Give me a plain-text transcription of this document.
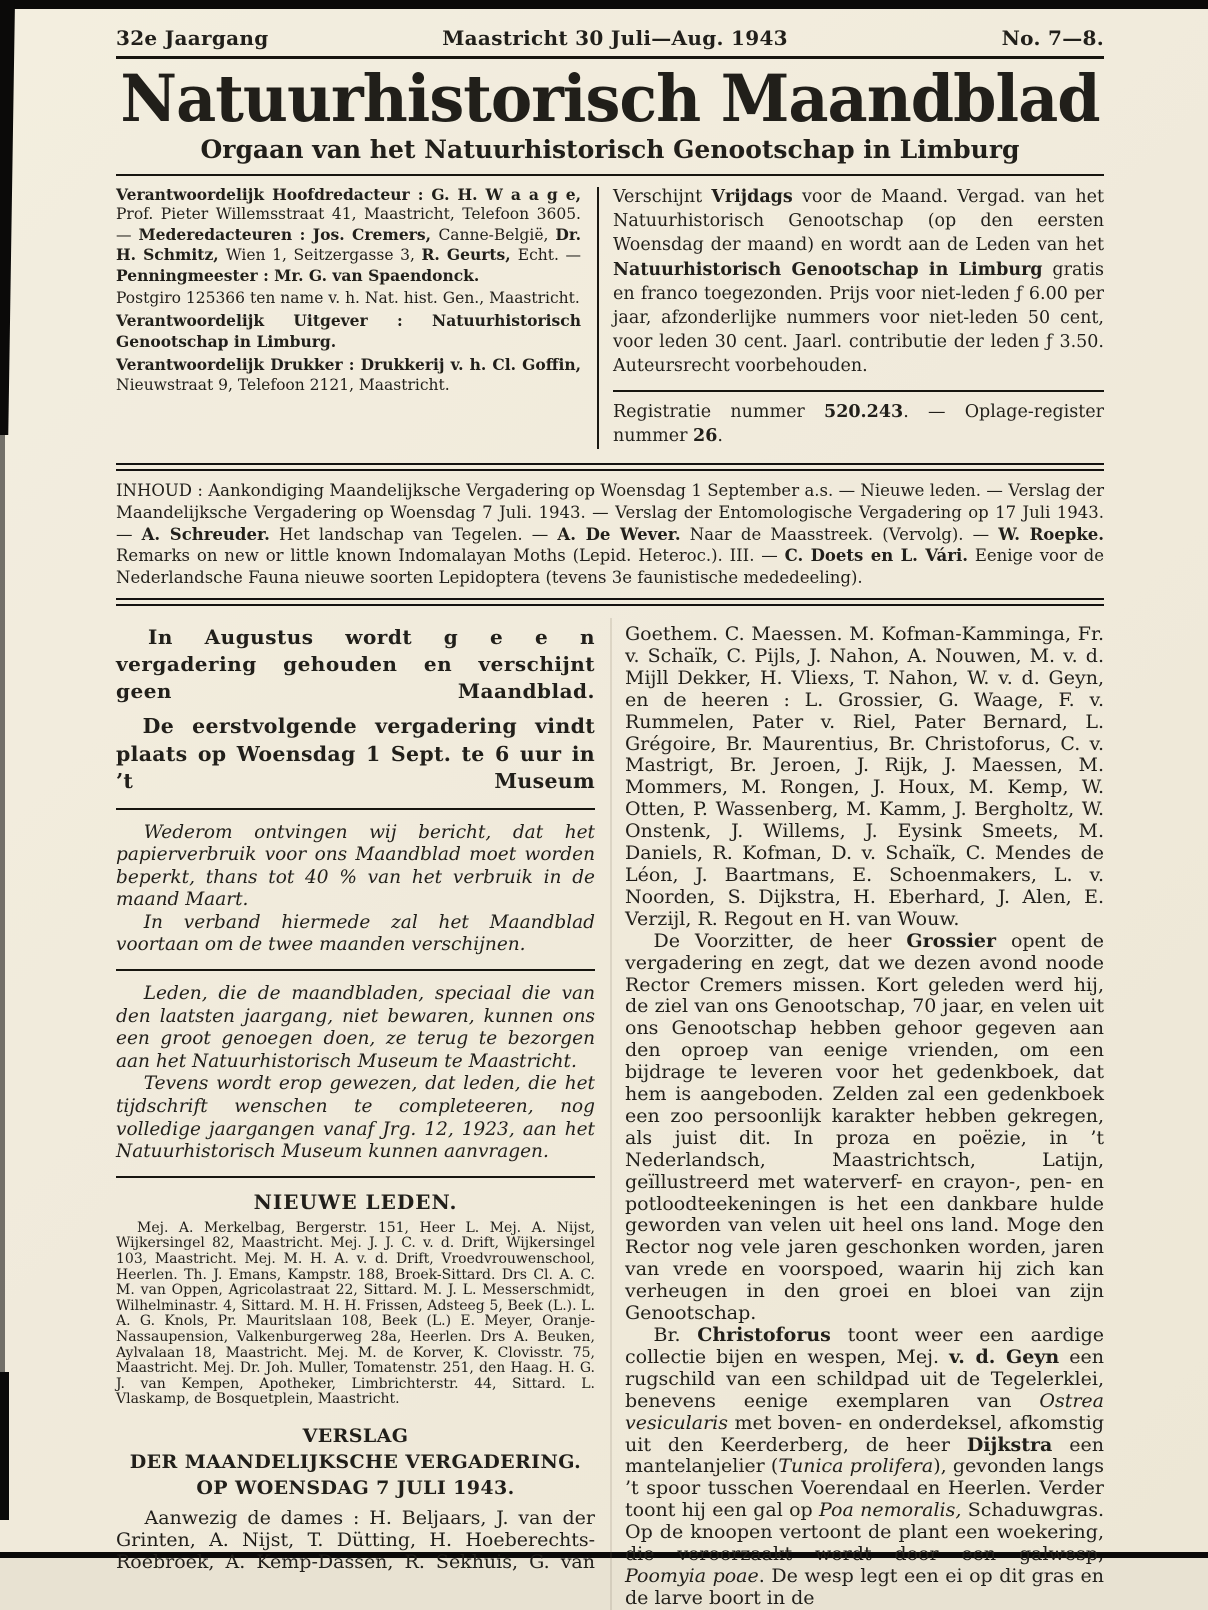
32e Jaargang	Maastricht 30 Juli—Aug. 1943	No. 7—8.
Natuurhistorisch Maandblad
Orgaan van het Natuurhistorisch Genootschap in Limburg

Verantwoordelijk Hoofdredacteur : G. H. W a a g e, Prof. Pieter Willemsstraat 41, Maastricht, Telefoon 3605. — Mederedacteuren : Jos. Cremers, Canne-België, Dr. H. Schmitz, Wien 1, Seitzergasse 3, R. Geurts, Echt. — Penningmeester : Mr. G. van Spaendonck.

Postgiro 125366 ten name v. h. Nat. hist. Gen., Maastricht.

Verantwoordelijk Uitgever : Natuurhistorisch Genootschap in Limburg.

Verantwoordelijk Drukker : Drukkerij v. h. Cl. Goffin, Nieuwstraat 9, Telefoon 2121, Maastricht.

Verschijnt Vrijdags voor de Maand. Vergad. van het Natuurhistorisch Genootschap (op den eersten Woensdag der maand) en wordt aan de Leden van het Natuurhistorisch Genootschap in Limburg gratis en franco toegezonden. Prijs voor niet-leden ƒ 6.00 per jaar, afzonderlijke nummers voor niet-leden 50 cent, voor leden 30 cent. Jaarl. contributie der leden ƒ 3.50. Auteursrecht voorbehouden.

Registratie nummer 520.243. — Oplage-register nummer 26.

INHOUD : Aankondiging Maandelijksche Vergadering op Woensdag 1 September a.s. — Nieuwe leden. — Verslag der Maandelijksche Vergadering op Woensdag 7 Juli. 1943. — Verslag der Entomologische Vergadering op 17 Juli 1943. — A. Schreuder. Het landschap van Tegelen. — A. De Wever. Naar de Maasstreek. (Vervolg). — W. Roepke. Remarks on new or little known Indomalayan Moths (Lepid. Heteroc.). III. — C. Doets en L. Vári. Eenige voor de Nederlandsche Fauna nieuwe soorten Lepidoptera (tevens 3e faunistische mededeeling).

In Augustus wordt g e e n vergadering gehouden en verschijnt geen Maandblad.

De eerstvolgende vergadering vindt plaats op Woensdag 1 Sept. te 6 uur in ’t Museum

Wederom ontvingen wij bericht, dat het papierverbruik voor ons Maandblad moet worden beperkt, thans tot 40 % van het verbruik in de maand Maart.

In verband hiermede zal het Maandblad voortaan om de twee maanden verschijnen.

Leden, die de maandbladen, speciaal die van den laatsten jaargang, niet bewaren, kunnen ons een groot genoegen doen, ze terug te bezorgen aan het Natuurhistorisch Museum te Maastricht.

Tevens wordt erop gewezen, dat leden, die het tijdschrift wenschen te completeeren, nog volledige jaargangen vanaf Jrg. 12, 1923, aan het Natuurhistorisch Museum kunnen aanvragen.

NIEUWE LEDEN.

Mej. A. Merkelbag, Bergerstr. 151, Heer L. Mej. A. Nijst, Wijkersingel 82, Maastricht. Mej. J. J. C. v. d. Drift, Wijkersingel 103, Maastricht. Mej. M. H. A. v. d. Drift, Vroedvrouwenschool, Heerlen. Th. J. Emans, Kampstr. 188, Broek-Sittard. Drs Cl. A. C. M. van Oppen, Agricolastraat 22, Sittard. M. J. L. Messerschmidt, Wilhelminastr. 4, Sittard. M. H. H. Frissen, Adsteeg 5, Beek (L.). L. A. G. Knols, Pr. Mauritslaan 108, Beek (L.) E. Meyer, Oranje-Nassaupension, Valkenburgerweg 28a, Heerlen. Drs A. Beuken, Aylvalaan 18, Maastricht. Mej. M. de Korver, K. Clovisstr. 75, Maastricht. Mej. Dr. Joh. Muller, Tomatenstr. 251, den Haag. H. G. J. van Kempen, Apotheker, Limbrichterstr. 44, Sittard. L. Vlaskamp, de Bosquetplein, Maastricht.

VERSLAG
DER MAANDELIJKSCHE VERGADERING.
OP WOENSDAG 7 JULI 1943.

Aanwezig de dames : H. Beljaars, J. van der Grinten, A. Nijst, T. Dütting, H. Hoeberechts-Roebroek, A. Kemp-Dassen, R. Sekhuis, G. van

Goethem. C. Maessen. M. Kofman-Kamminga, Fr. v. Schaïk, C. Pijls, J. Nahon, A. Nouwen, M. v. d. Mijll Dekker, H. Vliexs, T. Nahon, W. v. d. Geyn, en de heeren : L. Grossier, G. Waage, F. v. Rummelen, Pater v. Riel, Pater Bernard, L. Grégoire, Br. Maurentius, Br. Christoforus, C. v. Mastrigt, Br. Jeroen, J. Rijk, J. Maessen, M. Mommers, M. Rongen, J. Houx, M. Kemp, W. Otten, P. Wassenberg, M. Kamm, J. Bergholtz, W. Onstenk, J. Willems, J. Eysink Smeets, M. Daniels, R. Kofman, D. v. Schaïk, C. Mendes de Léon, J. Baartmans, E. Schoenmakers, L. v. Noorden, S. Dijkstra, H. Eberhard, J. Alen, E. Verzijl, R. Regout en H. van Wouw.

De Voorzitter, de heer Grossier opent de vergadering en zegt, dat we dezen avond noode Rector Cremers missen. Kort geleden werd hij, de ziel van ons Genootschap, 70 jaar, en velen uit ons Genootschap hebben gehoor gegeven aan den oproep van eenige vrienden, om een bijdrage te leveren voor het gedenkboek, dat hem is aangeboden. Zelden zal een gedenkboek een zoo persoonlijk karakter hebben gekregen, als juist dit. In proza en poëzie, in ’t Nederlandsch, Maastrichtsch, Latijn, geïllustreerd met waterverf- en crayon-, pen- en potloodteekeningen is het een dankbare hulde geworden van velen uit heel ons land. Moge den Rector nog vele jaren geschonken worden, jaren van vrede en voorspoed, waarin hij zich kan verheugen in den groei en bloei van zijn Genootschap.

Br. Christoforus toont weer een aardige collectie bijen en wespen, Mej. v. d. Geyn een rugschild van een schildpad uit de Tegelerklei, benevens eenige exemplaren van Ostrea vesicularis met boven- en onderdeksel, afkomstig uit den Keerderberg, de heer Dijkstra een mantelanjelier (Tunica prolifera), gevonden langs ’t spoor tusschen Voerendaal en Heerlen. Verder toont hij een gal op Poa nemoralis, Schaduwgras. Op de knoopen vertoont de plant een woekering, die veroorzaakt wordt door een galwesp, Poomyia poae. De wesp legt een ei op dit gras en de larve boort in de
